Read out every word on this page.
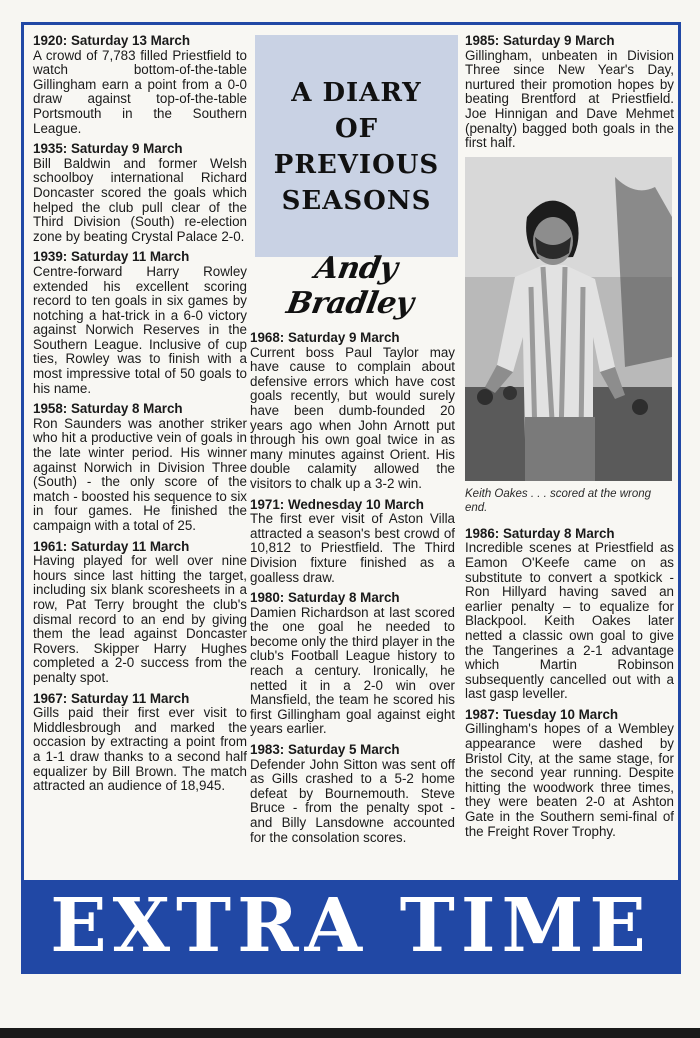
1920: Saturday 13 March
A crowd of 7,783 filled Priestfield to watch bottom-of-the-table Gillingham earn a point from a 0-0 draw against top-of-the-table Portsmouth in the Southern League.
1935: Saturday 9 March
Bill Baldwin and former Welsh schoolboy international Richard Doncaster scored the goals which helped the club pull clear of the Third Division (South) re-election zone by beating Crystal Palace 2-0.
1939: Saturday 11 March
Centre-forward Harry Rowley extended his excellent scoring record to ten goals in six games by notching a hat-trick in a 6-0 victory against Norwich Reserves in the Southern League. Inclusive of cup ties, Rowley was to finish with a most impressive total of 50 goals to his name.
1958: Saturday 8 March
Ron Saunders was another striker who hit a productive vein of goals in the late winter period. His winner against Norwich in Division Three (South) - the only score of the match - boosted his sequence to six in four games. He finished the campaign with a total of 25.
1961: Saturday 11 March
Having played for well over nine hours since last hitting the target, including six blank scoresheets in a row, Pat Terry brought the club's dismal record to an end by giving them the lead against Doncaster Rovers. Skipper Harry Hughes completed a 2-0 success from the penalty spot.
1967: Saturday 11 March
Gills paid their first ever visit to Middlesbrough and marked the occasion by extracting a point from a 1-1 draw thanks to a second half equalizer by Bill Brown. The match attracted an audience of 18,945.
A DIARY
OF
PREVIOUS
SEASONS
Andy Bradley
1968: Saturday 9 March
Current boss Paul Taylor may have cause to complain about defensive errors which have cost goals recently, but would surely have been dumb-founded 20 years ago when John Arnott put through his own goal twice in as many minutes against Orient. His double calamity allowed the visitors to chalk up a 3-2 win.
1971: Wednesday 10 March
The first ever visit of Aston Villa attracted a season's best crowd of 10,812 to Priestfield. The Third Division fixture finished as a goalless draw.
1980: Saturday 8 March
Damien Richardson at last scored the one goal he needed to become only the third player in the club's Football League history to reach a century. Ironically, he netted it in a 2-0 win over Mansfield, the team he scored his first Gillingham goal against eight years earlier.
1983: Saturday 5 March
Defender John Sitton was sent off as Gills crashed to a 5-2 home defeat by Bournemouth. Steve Bruce - from the penalty spot - and Billy Lansdowne accounted for the consolation scores.
1985: Saturday 9 March
Gillingham, unbeaten in Division Three since New Year's Day, nurtured their promotion hopes by beating Brentford at Priestfield. Joe Hinnigan and Dave Mehmet (penalty) bagged both goals in the first half.
Keith Oakes . . . scored at the wrong end.
1986: Saturday 8 March
Incredible scenes at Priestfield as Eamon O'Keefe came on as substitute to convert a spotkick - Ron Hillyard having saved an earlier penalty – to equalize for Blackpool. Keith Oakes later netted a classic own goal to give the Tangerines a 2-1 advantage which Martin Robinson subsequently cancelled out with a last gasp leveller.
1987: Tuesday 10 March
Gillingham's hopes of a Wembley appearance were dashed by Bristol City, at the same stage, for the second year running. Despite hitting the woodwork three times, they were beaten 2-0 at Ashton Gate in the Southern semi-final of the Freight Rover Trophy.
EXTRA TIME
